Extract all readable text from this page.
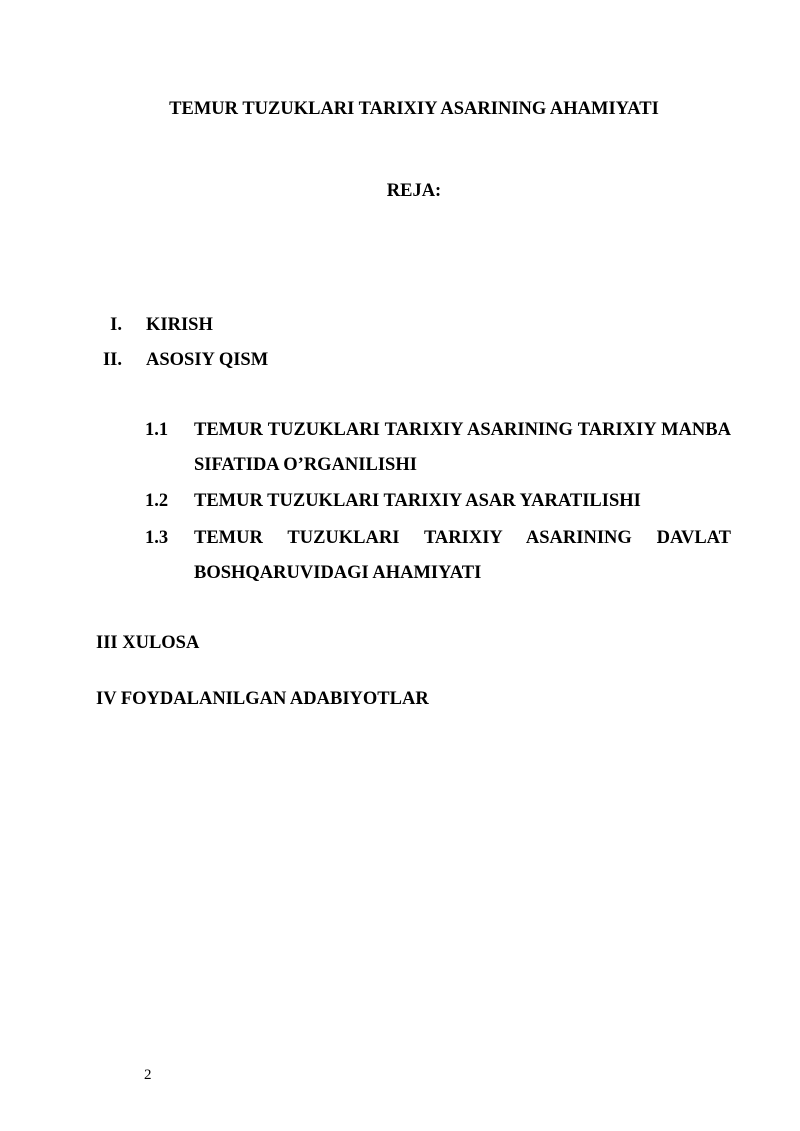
TEMUR TUZUKLARI TARIXIY ASARINING AHAMIYATI
REJA:
I. KIRISH
II. ASOSIY QISM
1.1 TEMUR TUZUKLARI TARIXIY ASARINING TARIXIY MANBA SIFATIDA O’RGANILISHI
1.2 TEMUR TUZUKLARI TARIXIY ASAR YARATILISHI
1.3 TEMUR TUZUKLARI TARIXIY ASARINING DAVLAT BOSHQARUVIDAGI AHAMIYATI
III XULOSA
IV FOYDALANILGAN ADABIYOTLAR
2
